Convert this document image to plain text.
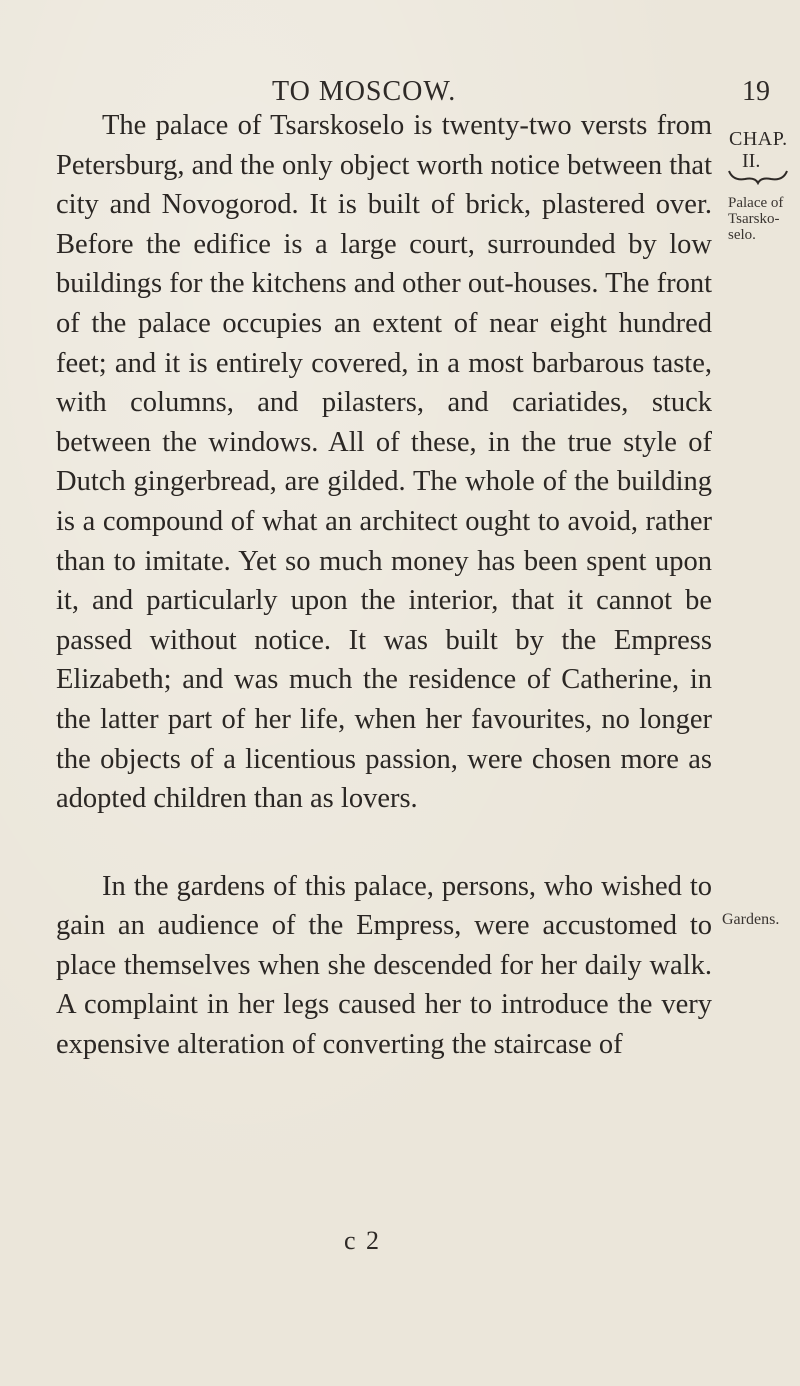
TO MOSCOW.	19
CHAP.
II.
Palace of Tsarsko-selo.
Gardens.

The palace of Tsarskoselo is twenty-two versts from Petersburg, and the only object worth notice between that city and Novogorod. It is built of brick, plastered over. Before the edifice is a large court, surrounded by low buildings for the kitchens and other out-houses. The front of the palace occupies an extent of near eight hundred feet; and it is entirely covered, in a most barbarous taste, with columns, and pilasters, and cariatides, stuck between the windows. All of these, in the true style of Dutch gingerbread, are gilded. The whole of the building is a compound of what an architect ought to avoid, rather than to imitate. Yet so much money has been spent upon it, and particularly upon the interior, that it cannot be passed without notice. It was built by the Empress Elizabeth; and was much the residence of Catherine, in the latter part of her life, when her favourites, no longer the objects of a licentious passion, were chosen more as adopted children than as lovers.

In the gardens of this palace, persons, who wished to gain an audience of the Empress, were accustomed to place themselves when she descended for her daily walk. A complaint in her legs caused her to introduce the very expensive alteration of converting the staircase of

c 2
